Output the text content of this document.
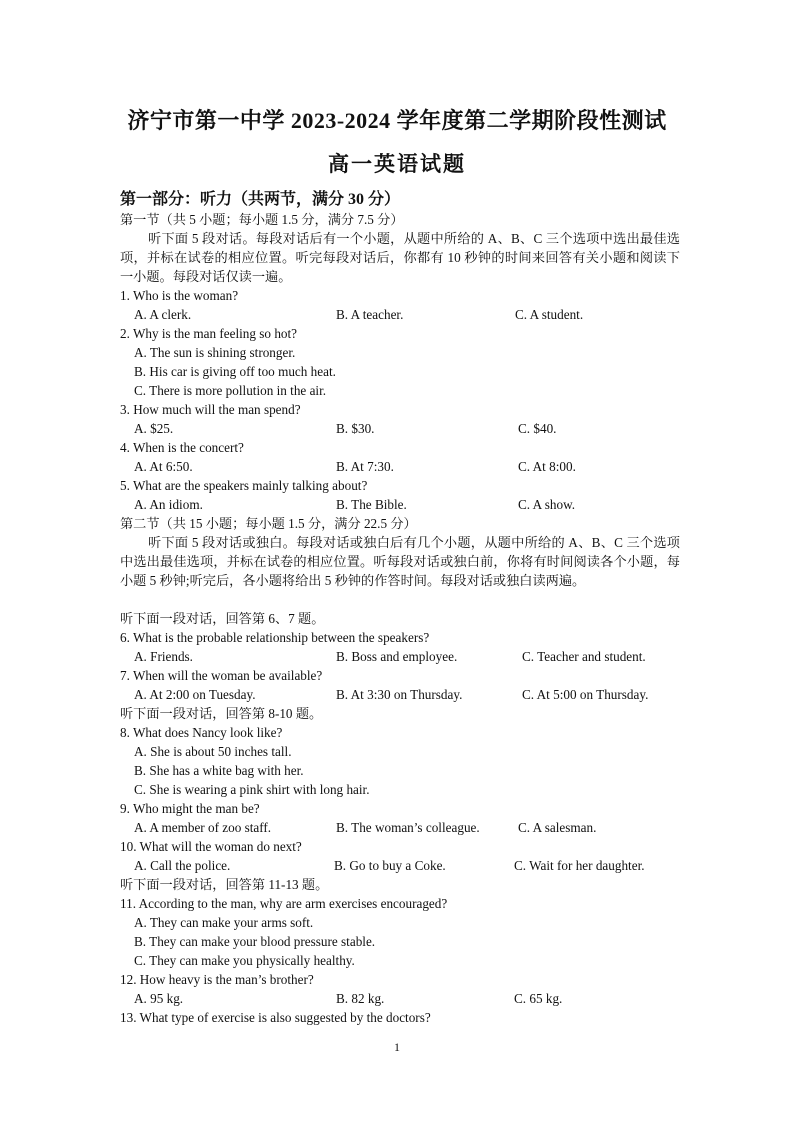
济宁市第一中学 2023-2024 学年度第二学期阶段性测试
高一英语试题
第一部分：听力（共两节，满分 30 分）
第一节（共 5 小题；每小题 1.5 分，满分 7.5 分）
听下面 5 段对话。每段对话后有一个小题，从题中所给的 A、B、C 三个选项中选出最佳选项，并标在试卷的相应位置。听完每段对话后，你都有 10 秒钟的时间来回答有关小题和阅读下一小题。每段对话仅读一遍。
1. Who is the woman?
A. A clerk.	B. A teacher.	C. A student.
2. Why is the man feeling so hot?
A. The sun is shining stronger.
B. His car is giving off too much heat.
C. There is more pollution in the air.
3. How much will the man spend?
A. $25.	B. $30.	C. $40.
4. When is the concert?
A. At 6:50.	B. At 7:30.	C. At 8:00.
5. What are the speakers mainly talking about?
A. An idiom.	B. The Bible.	C. A show.
第二节（共 15 小题；每小题 1.5 分，满分 22.5 分）
听下面 5 段对话或独白。每段对话或独白后有几个小题，从题中所给的 A、B、C 三个选项中选出最佳选项，并标在试卷的相应位置。听每段对话或独白前，你将有时间阅读各个小题，每小题 5 秒钟;听完后，各小题将给出 5 秒钟的作答时间。每段对话或独白读两遍。
听下面一段对话，回答第 6、7 题。
6. What is the probable relationship between the speakers?
A. Friends.	B. Boss and employee.	C. Teacher and student.
7. When will the woman be available?
A. At 2:00 on Tuesday.	B. At 3:30 on Thursday.	C. At 5:00 on Thursday.
听下面一段对话，回答第 8-10 题。
8. What does Nancy look like?
A. She is about 50 inches tall.
B. She has a white bag with her.
C. She is wearing a pink shirt with long hair.
9. Who might the man be?
A. A member of zoo staff.	B. The woman’s colleague.	C. A salesman.
10. What will the woman do next?
A. Call the police.	B. Go to buy a Coke.	C. Wait for her daughter.
听下面一段对话，回答第 11-13 题。
11. According to the man, why are arm exercises encouraged?
A. They can make your arms soft.
B. They can make your blood pressure stable.
C. They can make you physically healthy.
12. How heavy is the man’s brother?
A. 95 kg.	B. 82 kg.	C. 65 kg.
13. What type of exercise is also suggested by the doctors?
1
